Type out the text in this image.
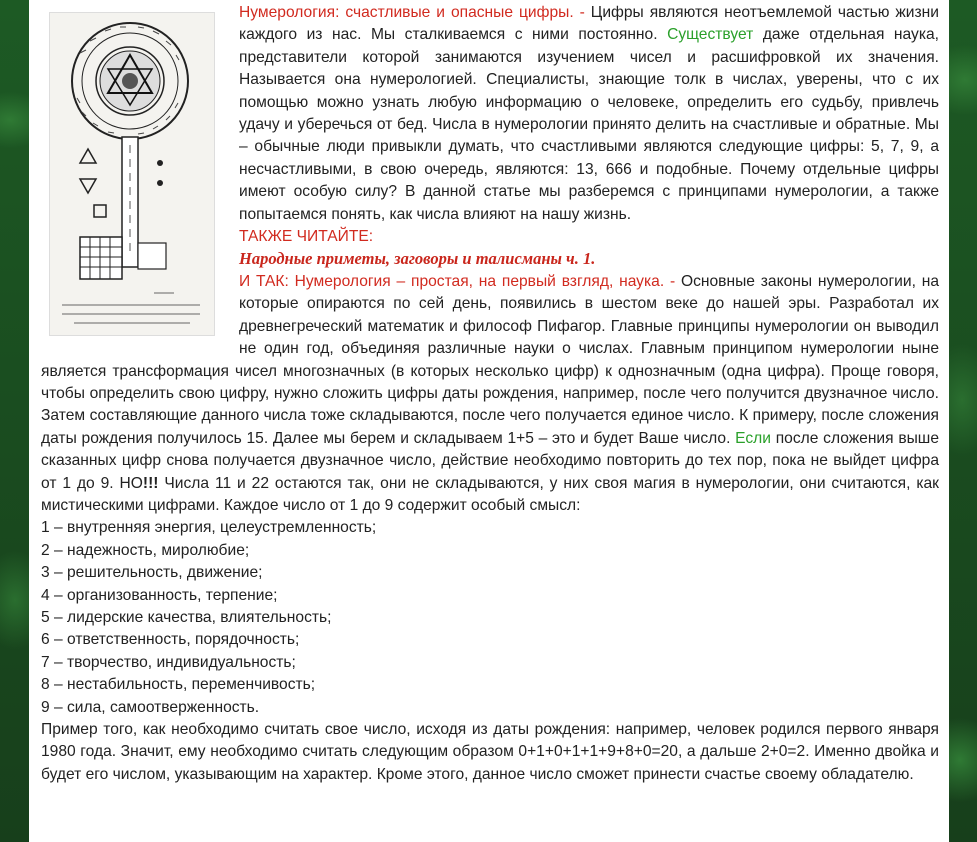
Нумерология: счастливые и опасные цифры. - Цифры являются неотъемлемой частью жизни каждого из нас. Мы сталкиваемся с ними постоянно. Существует даже отдельная наука, представители которой занимаются изучением чисел и расшифровкой их значения. Называется она нумерологией. Специалисты, знающие толк в числах, уверены, что с их помощью можно узнать любую информацию о человеке, определить его судьбу, привлечь удачу и уберечься от бед. Числа в нумерологии принято делить на счастливые и обратные. Мы – обычные люди привыкли думать, что счастливыми являются следующие цифры: 5, 7, 9, а несчастливыми, в свою очередь, являются: 13, 666 и подобные. Почему отдельные цифры имеют особую силу? В данной статье мы разберемся с принципами нумерологии, а также попытаемся понять, как числа влияют на нашу жизнь.

ТАКЖЕ ЧИТАЙТЕ:

Народные приметы, заговоры и талисманы ч. 1.

И ТАК: Нумерология – простая, на первый взгляд, наука. - Основные законы нумерологии, на которые опираются по сей день, появились в шестом веке до нашей эры. Разработал их древнегреческий математик и философ Пифагор. Главные принципы нумерологии он выводил не один год, объединяя различные науки о числах. Главным принципом нумерологии ныне является трансформация чисел многозначных (в которых несколько цифр) к однозначным (одна цифра). Проще говоря, чтобы определить свою цифру, нужно сложить цифры даты рождения, например, после чего получится двузначное число. Затем составляющие данного числа тоже складываются, после чего получается единое число. К примеру, после сложения даты рождения получилось 15. Далее мы берем и складываем 1+5 – это и будет Ваше число. Если после сложения выше сказанных цифр снова получается двузначное число, действие необходимо повторить до тех пор, пока не выйдет цифра от 1 до 9. НО!!! Числа 11 и 22 остаются так, они не складываются, у них своя магия в нумерологии, они считаются, как мистическими цифрами. Каждое число от 1 до 9 содержит особый смысл:

1 – внутренняя энергия, целеустремленность;
2 – надежность, миролюбие;
3 – решительность, движение;
4 – организованность, терпение;
5 – лидерские качества, влиятельность;
6 – ответственность, порядочность;
7 – творчество, индивидуальность;
8 – нестабильность, переменчивость;
9 – сила, самоотверженность.

Пример того, как необходимо считать свое число, исходя из даты рождения: например, человек родился первого января 1980 года. Значит, ему необходимо считать следующим образом 0+1+0+1+1+9+8+0=20, а дальше 2+0=2. Именно двойка и будет его числом, указывающим на характер. Кроме этого, данное число сможет принести счастье своему обладателю.
